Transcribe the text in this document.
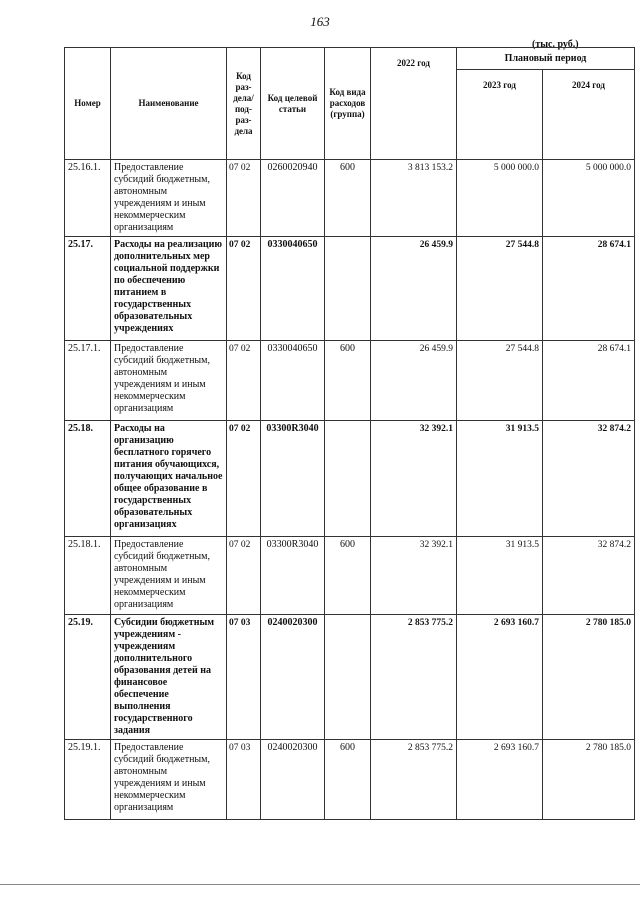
163
(тыс. руб.)
Номер	Наименование	Код раз- дела/ под- раз- дела	Код целевой статьи	Код вида расходов (группа)	2022 год	Плановый период	
						2023 год	2024 год
25.16.1.	Предоставление субсидий бюджетным, автономным учреждениям и иным некоммерческим организациям	07 02	0260020940	600	3 813 153.2	5 000 000.0	5 000 000.0
25.17.	Расходы на реализацию дополнительных мер социальной поддержки по обеспечению питанием в государственных образовательных учреждениях	07 02	0330040650		26 459.9	27 544.8	28 674.1
25.17.1.	Предоставление субсидий бюджетным, автономным учреждениям и иным некоммерческим организациям	07 02	0330040650	600	26 459.9	27 544.8	28 674.1
25.18.	Расходы на организацию бесплатного горячего питания обучающихся, получающих начальное общее образование в государственных образовательных организациях	07 02	03300R3040		32 392.1	31 913.5	32 874.2
25.18.1.	Предоставление субсидий бюджетным, автономным учреждениям и иным некоммерческим организациям	07 02	03300R3040	600	32 392.1	31 913.5	32 874.2
25.19.	Субсидии бюджетным учреждениям - учреждениям дополнительного образования детей на финансовое обеспечение выполнения государственного задания	07 03	0240020300		2 853 775.2	2 693 160.7	2 780 185.0
25.19.1.	Предоставление субсидий бюджетным, автономным учреждениям и иным некоммерческим организациям	07 03	0240020300	600	2 853 775.2	2 693 160.7	2 780 185.0
